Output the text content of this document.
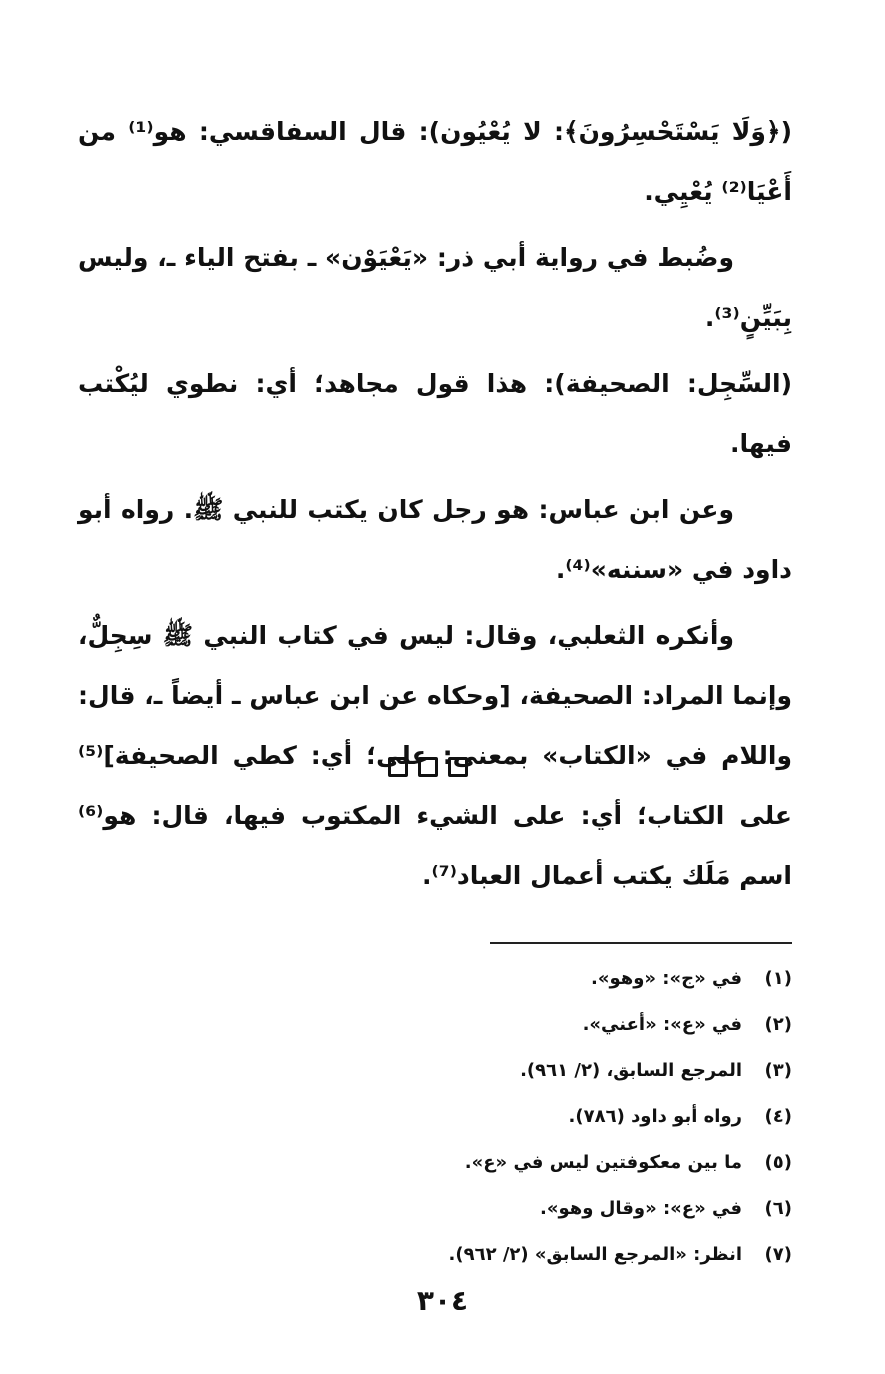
(﴿وَلَا يَسْتَحْسِرُونَ﴾: لا يُعْيُون): قال السفاقسي: هو⁽¹⁾ من أَعْيَا⁽²⁾ يُعْيِي.

وضُبط في رواية أبي ذر: «يَعْيَوْن» ـ بفتح الياء ـ، وليس بِبَيِّنٍ⁽³⁾.

(السِّجِل: الصحيفة): هذا قول مجاهد؛ أي: نطوي ليُكْتب فيها.

وعن ابن عباس: هو رجل كان يكتب للنبي ﷺ. رواه أبو داود في «سننه»⁽⁴⁾.

وأنكره الثعلبي، وقال: ليس في كتاب النبي ﷺ سِجِلٌّ، وإنما المراد: الصحيفة، [وحكاه عن ابن عباس ـ أيضاً ـ، قال: واللام في «الكتاب» بمعنى: على؛ أي: كطي الصحيفة]⁽⁵⁾ على الكتاب؛ أي: على الشيء المكتوب فيها، قال: هو⁽⁶⁾ اسم مَلَك يكتب أعمال العباد⁽⁷⁾.

(١)
في «ج»: «وهو».
(٢)
في «ع»: «أعني».
(٣)
المرجع السابق، (٢/ ٩٦١).
(٤)
رواه أبو داود (٧٨٦).
(٥)
ما بين معكوفتين ليس في «ع».
(٦)
في «ع»: «وقال وهو».
(٧)
انظر: «المرجع السابق» (٢/ ٩٦٢).
٣٠٤
